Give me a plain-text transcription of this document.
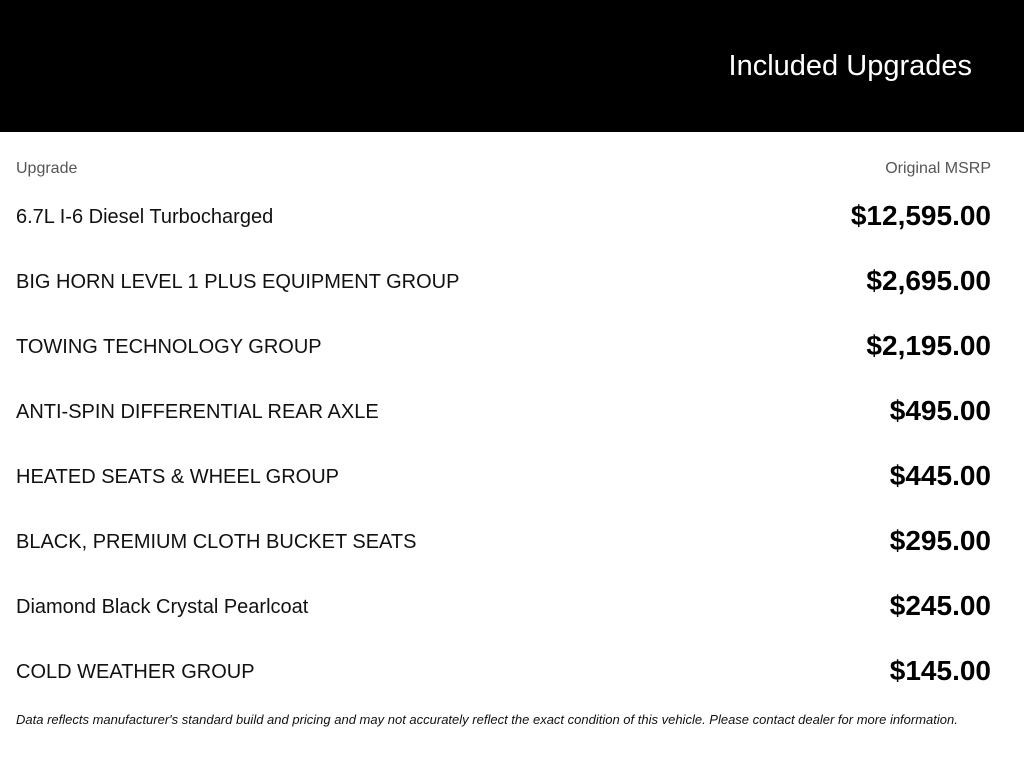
Included Upgrades
Upgrade	Original MSRP
6.7L I-6 Diesel Turbocharged	$12,595.00
BIG HORN LEVEL 1 PLUS EQUIPMENT GROUP	$2,695.00
TOWING TECHNOLOGY GROUP	$2,195.00
ANTI-SPIN DIFFERENTIAL REAR AXLE	$495.00
HEATED SEATS & WHEEL GROUP	$445.00
BLACK, PREMIUM CLOTH BUCKET SEATS	$295.00
Diamond Black Crystal Pearlcoat	$245.00
COLD WEATHER GROUP	$145.00
Data reflects manufacturer's standard build and pricing and may not accurately reflect the exact condition of this vehicle. Please contact dealer for more information.
